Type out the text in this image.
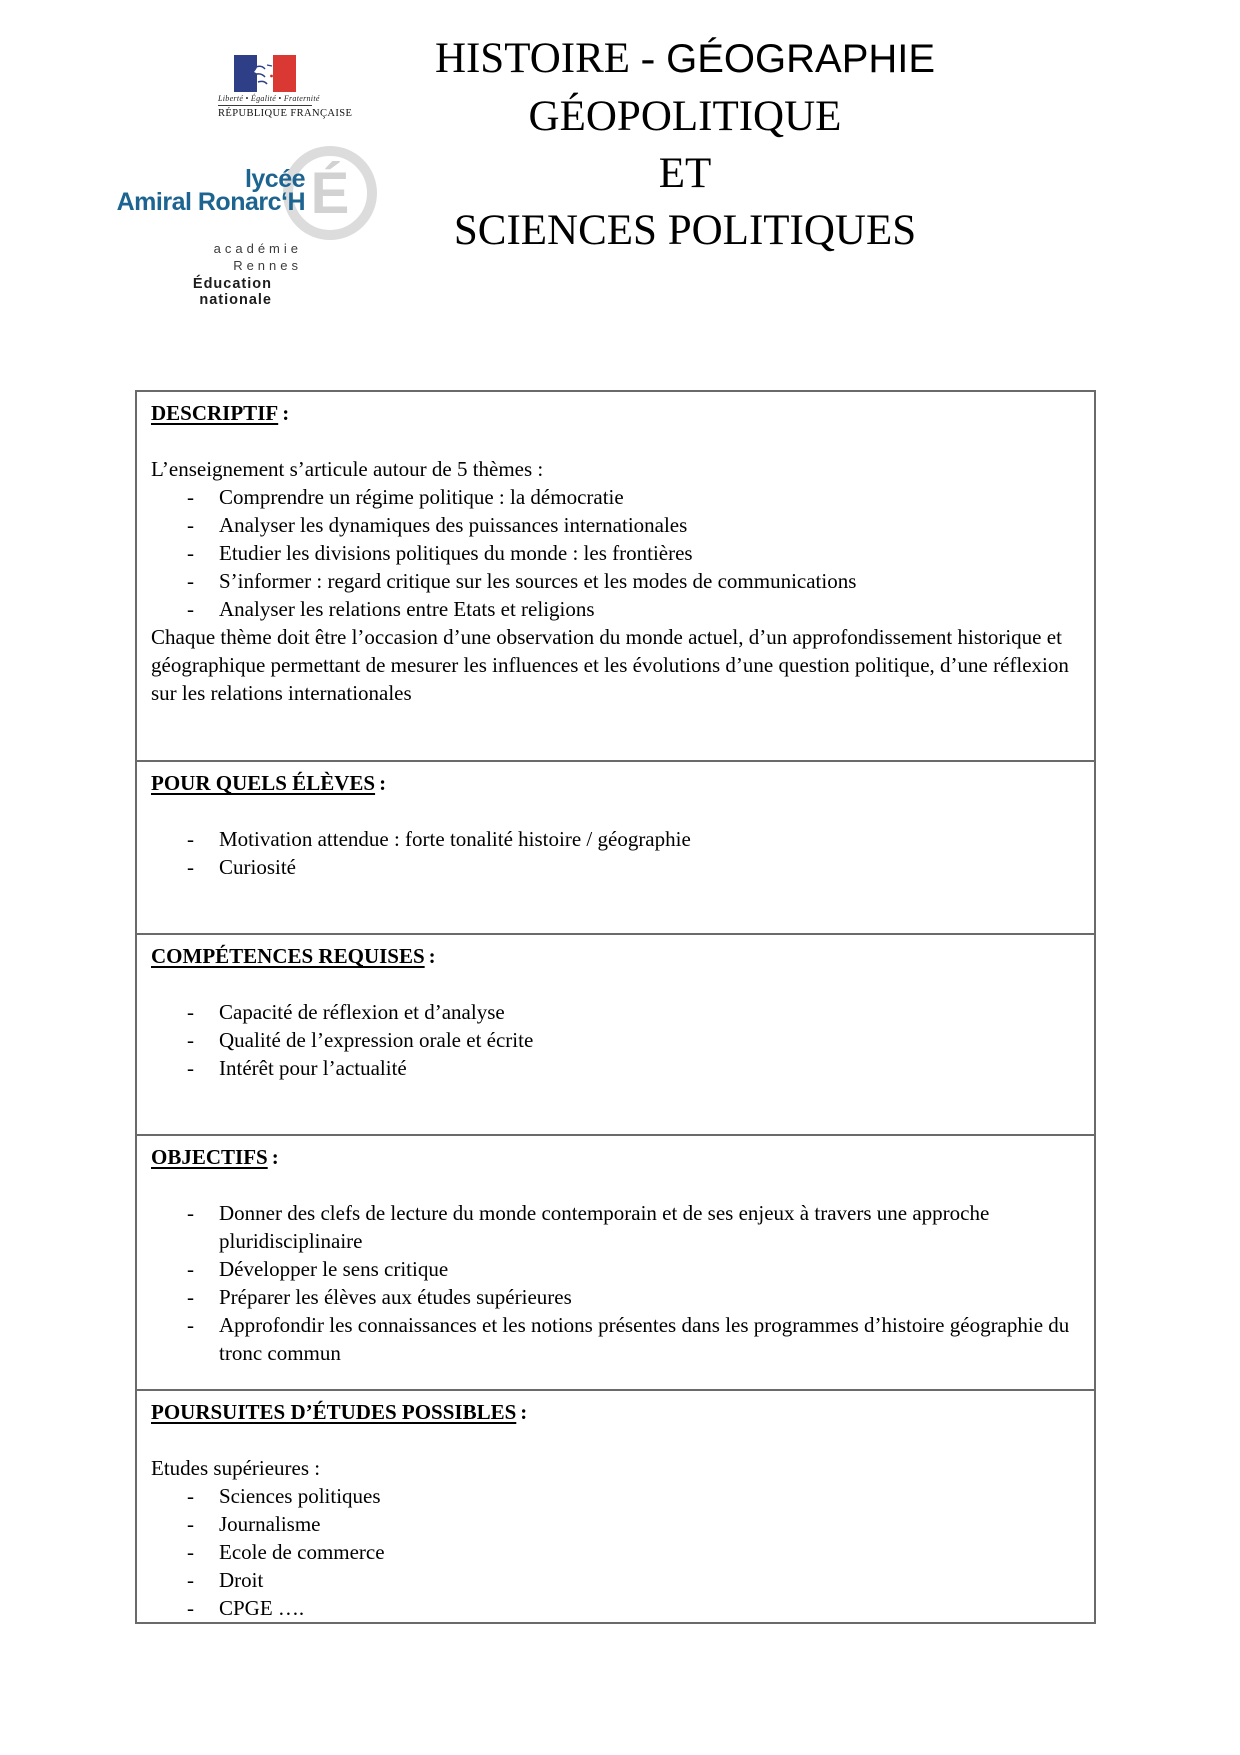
Liberté • Égalité • Fraternité
RÉPUBLIQUE FRANÇAISE
É
lycée
Amiral Ronarc‘H
académie
Rennes
Éducation
nationale
HISTOIRE - GÉOGRAPHIE
GÉOPOLITIQUE
ET
SCIENCES POLITIQUES

DESCRIPTIF :

L’enseignement s’articule autour de 5 thèmes :

- Comprendre un régime politique : la démocratie
- Analyser les dynamiques des puissances internationales
- Etudier les divisions politiques du monde : les frontières
- S’informer : regard critique sur les sources et les modes de communications
- Analyser les relations entre Etats et religions

Chaque thème doit être l’occasion d’une observation du monde actuel, d’un approfondissement historique et géographique permettant de mesurer les influences et les évolutions d’une question politique, d’une réflexion sur les relations internationales

POUR QUELS ÉLÈVES :

- Motivation attendue : forte tonalité histoire / géographie
- Curiosité

COMPÉTENCES REQUISES :

- Capacité de réflexion et d’analyse
- Qualité de l’expression orale et écrite
- Intérêt pour l’actualité

OBJECTIFS :

- Donner des clefs de lecture du monde contemporain et de ses enjeux à travers une approche pluridisciplinaire
- Développer le sens critique
- Préparer les élèves aux études supérieures
- Approfondir les connaissances et les notions présentes dans les programmes d’histoire géographie du tronc commun

POURSUITES D’ÉTUDES POSSIBLES :

Etudes supérieures :

- Sciences politiques
- Journalisme
- Ecole de commerce
- Droit
- CPGE ….
